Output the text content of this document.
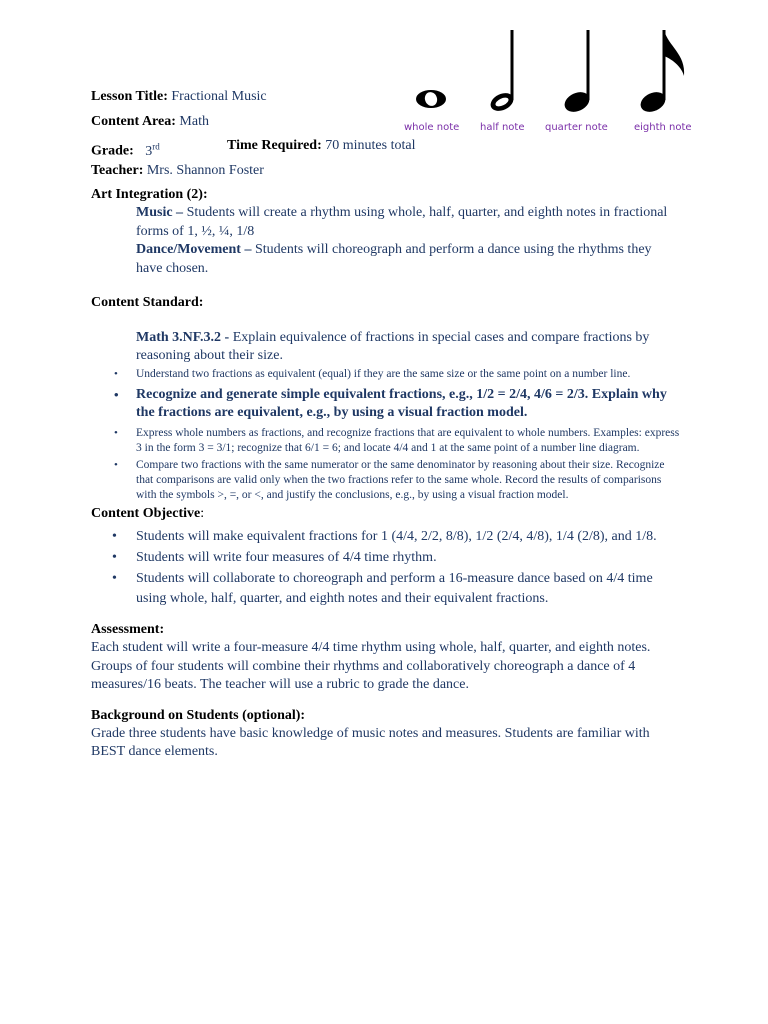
whole note half note quarter note	eighth note
Lesson Title: Fractional Music
Content Area: Math
Grade: 3rd	Time Required: 70 minutes total
Teacher: Mrs. Shannon Foster
Art Integration (2):
Music – Students will create a rhythm using whole, half, quarter, and eighth notes in fractional forms of 1, ½, ¼, 1/8
Dance/Movement – Students will choreograph and perform a dance using the rhythms they have chosen.
Content Standard:
Math 3.NF.3.2 - Explain equivalence of fractions in special cases and compare fractions by reasoning about their size.
• Understand two fractions as equivalent (equal) if they are the same size or the same point on a number line.
• Recognize and generate simple equivalent fractions, e.g., 1/2 = 2/4, 4/6 = 2/3. Explain why the fractions are equivalent, e.g., by using a visual fraction model.
• Express whole numbers as fractions, and recognize fractions that are equivalent to whole numbers. Examples: express 3 in the form 3 = 3/1; recognize that 6/1 = 6; and locate 4/4 and 1 at the same point of a number line diagram.
• Compare two fractions with the same numerator or the same denominator by reasoning about their size. Recognize that comparisons are valid only when the two fractions refer to the same whole. Record the results of comparisons with the symbols >, =, or <, and justify the conclusions, e.g., by using a visual fraction model.
Content Objective:
• Students will make equivalent fractions for 1 (4/4, 2/2, 8/8), 1/2 (2/4, 4/8), 1/4 (2/8), and 1/8.
• Students will write four measures of 4/4 time rhythm.
• Students will collaborate to choreograph and perform a 16-measure dance based on 4/4 time using whole, half, quarter, and eighth notes and their equivalent fractions.
Assessment:
Each student will write a four-measure 4/4 time rhythm using whole, half, quarter, and eighth notes. Groups of four students will combine their rhythms and collaboratively choreograph a dance of 4 measures/16 beats. The teacher will use a rubric to grade the dance.
Background on Students (optional):
Grade three students have basic knowledge of music notes and measures. Students are familiar with BEST dance elements.
